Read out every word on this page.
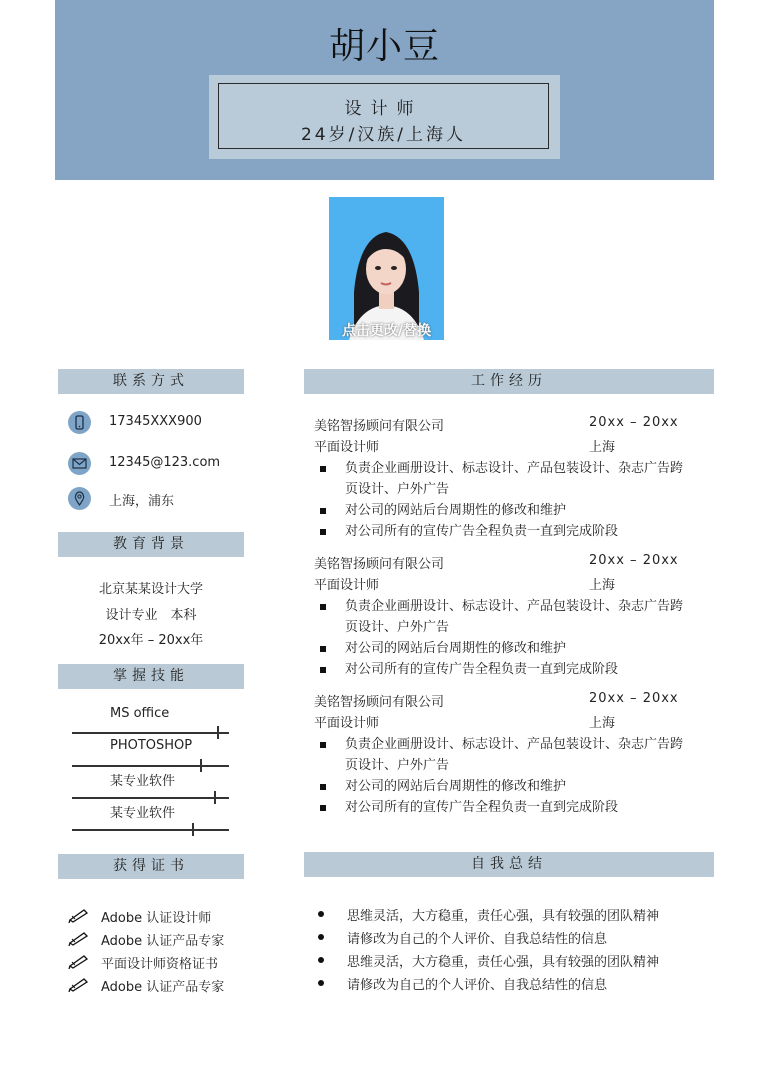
胡小豆
设计师
24岁/汉族/上海人
点击更改/替换
联系方式
17345XXX900
12345@123.com
上海，浦东
教育背景
北京某某设计大学
设计专业　本科
20xx年 – 20xx年
掌握技能
MS office
PHOTOSHOP
某专业软件
某专业软件
获得证书
Adobe 认证设计师
Adobe 认证产品专家
平面设计师资格证书
Adobe 认证产品专家
工作经历
美铭智扬顾问有限公司	20xx – 20xx
平面设计师	上海
负责企业画册设计、标志设计、产品包装设计、杂志广告跨页设计、户外广告
对公司的网站后台周期性的修改和维护
对公司所有的宣传广告全程负责一直到完成阶段
美铭智扬顾问有限公司	20xx – 20xx
平面设计师	上海
负责企业画册设计、标志设计、产品包装设计、杂志广告跨页设计、户外广告
对公司的网站后台周期性的修改和维护
对公司所有的宣传广告全程负责一直到完成阶段
美铭智扬顾问有限公司	20xx – 20xx
平面设计师	上海
负责企业画册设计、标志设计、产品包装设计、杂志广告跨页设计、户外广告
对公司的网站后台周期性的修改和维护
对公司所有的宣传广告全程负责一直到完成阶段
自我总结
思维灵活，大方稳重，责任心强，具有较强的团队精神
请修改为自己的个人评价、自我总结性的信息
思维灵活，大方稳重，责任心强，具有较强的团队精神
请修改为自己的个人评价、自我总结性的信息
